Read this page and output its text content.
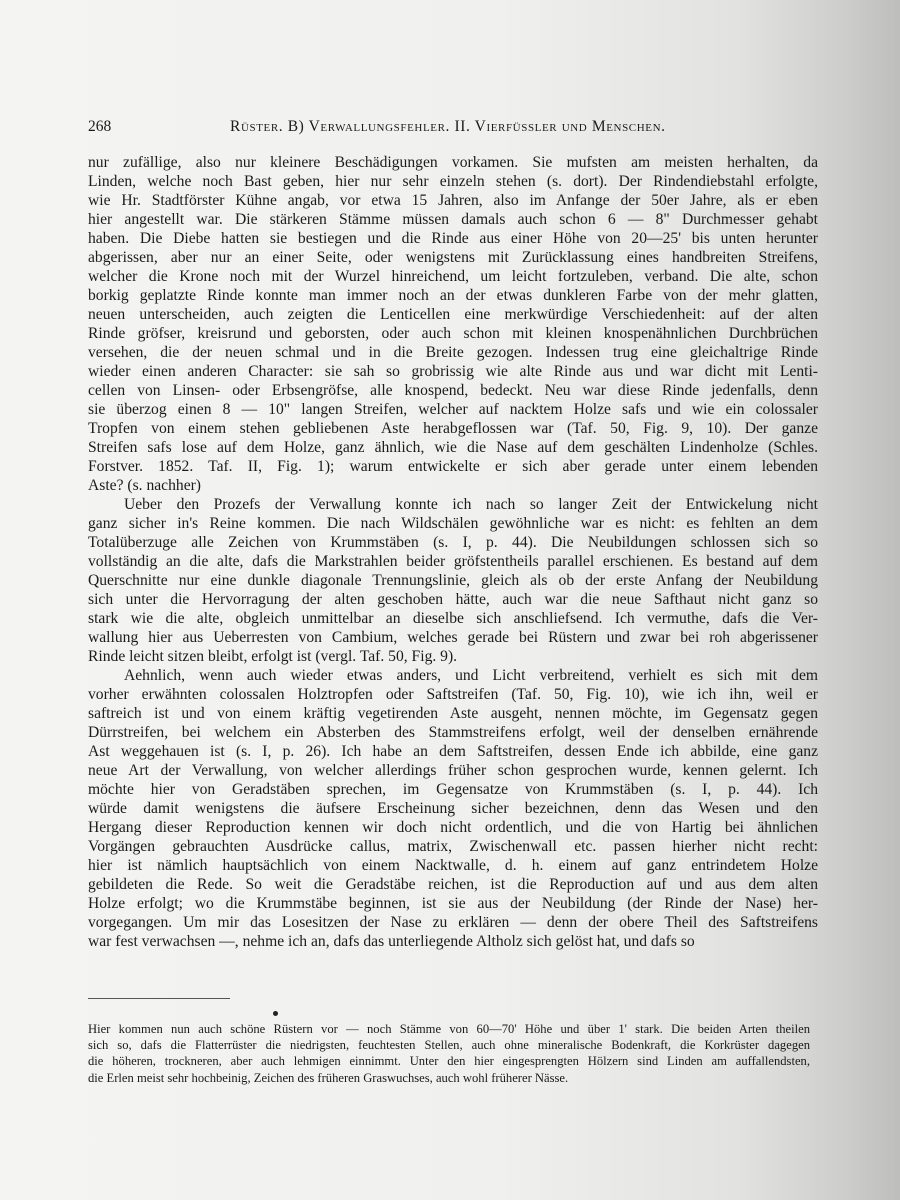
268	Rüster. B) Verwallungsfehler. II. Vierfüssler und Menschen.
nur zufällige, also nur kleinere Beschädigungen vorkamen. Sie mufsten am meisten herhalten, da
Linden, welche noch Bast geben, hier nur sehr einzeln stehen (s. dort). Der Rindendiebstahl erfolgte,
wie Hr. Stadtförster Kühne angab, vor etwa 15 Jahren, also im Anfange der 50er Jahre, als er eben
hier angestellt war. Die stärkeren Stämme müssen damals auch schon 6 — 8" Durchmesser gehabt
haben. Die Diebe hatten sie bestiegen und die Rinde aus einer Höhe von 20—25' bis unten herunter
abgerissen, aber nur an einer Seite, oder wenigstens mit Zurücklassung eines handbreiten Streifens,
welcher die Krone noch mit der Wurzel hinreichend, um leicht fortzuleben, verband. Die alte, schon
borkig geplatzte Rinde konnte man immer noch an der etwas dunkleren Farbe von der mehr glatten,
neuen unterscheiden, auch zeigten die Lenticellen eine merkwürdige Verschiedenheit: auf der alten
Rinde gröfser, kreisrund und geborsten, oder auch schon mit kleinen knospenähnlichen Durchbrüchen
versehen, die der neuen schmal und in die Breite gezogen. Indessen trug eine gleichaltrige Rinde
wieder einen anderen Character: sie sah so grobrissig wie alte Rinde aus und war dicht mit Lenti-
cellen von Linsen- oder Erbsengröfse, alle knospend, bedeckt. Neu war diese Rinde jedenfalls, denn
sie überzog einen 8 — 10" langen Streifen, welcher auf nacktem Holze safs und wie ein colossaler
Tropfen von einem stehen gebliebenen Aste herabgeflossen war (Taf. 50, Fig. 9, 10). Der ganze
Streifen safs lose auf dem Holze, ganz ähnlich, wie die Nase auf dem geschälten Lindenholze (Schles.
Forstver. 1852. Taf. II, Fig. 1); warum entwickelte er sich aber gerade unter einem lebenden
Aste? (s. nachher)
Ueber den Prozefs der Verwallung konnte ich nach so langer Zeit der Entwickelung nicht
ganz sicher in's Reine kommen. Die nach Wildschälen gewöhnliche war es nicht: es fehlten an dem
Totalüberzuge alle Zeichen von Krummstäben (s. I, p. 44). Die Neubildungen schlossen sich so
vollständig an die alte, dafs die Markstrahlen beider gröfstentheils parallel erschienen. Es bestand auf dem
Querschnitte nur eine dunkle diagonale Trennungslinie, gleich als ob der erste Anfang der Neubildung
sich unter die Hervorragung der alten geschoben hätte, auch war die neue Safthaut nicht ganz so
stark wie die alte, obgleich unmittelbar an dieselbe sich anschliefsend. Ich vermuthe, dafs die Ver-
wallung hier aus Ueberresten von Cambium, welches gerade bei Rüstern und zwar bei roh abgerissener
Rinde leicht sitzen bleibt, erfolgt ist (vergl. Taf. 50, Fig. 9).
Aehnlich, wenn auch wieder etwas anders, und Licht verbreitend, verhielt es sich mit dem
vorher erwähnten colossalen Holztropfen oder Saftstreifen (Taf. 50, Fig. 10), wie ich ihn, weil er
saftreich ist und von einem kräftig vegetirenden Aste ausgeht, nennen möchte, im Gegensatz gegen
Dürrstreifen, bei welchem ein Absterben des Stammstreifens erfolgt, weil der denselben ernährende
Ast weggehauen ist (s. I, p. 26). Ich habe an dem Saftstreifen, dessen Ende ich abbilde, eine ganz
neue Art der Verwallung, von welcher allerdings früher schon gesprochen wurde, kennen gelernt. Ich
möchte hier von Geradstäben sprechen, im Gegensatze von Krummstäben (s. I, p. 44). Ich
würde damit wenigstens die äufsere Erscheinung sicher bezeichnen, denn das Wesen und den
Hergang dieser Reproduction kennen wir doch nicht ordentlich, und die von Hartig bei ähnlichen
Vorgängen gebrauchten Ausdrücke callus, matrix, Zwischenwall etc. passen hierher nicht recht:
hier ist nämlich hauptsächlich von einem Nacktwalle, d. h. einem auf ganz entrindetem Holze
gebildeten die Rede. So weit die Geradstäbe reichen, ist die Reproduction auf und aus dem alten
Holze erfolgt; wo die Krummstäbe beginnen, ist sie aus der Neubildung (der Rinde der Nase) her-
vorgegangen. Um mir das Losesitzen der Nase zu erklären — denn der obere Theil des Saftstreifens
war fest verwachsen —, nehme ich an, dafs das unterliegende Altholz sich gelöst hat, und dafs so
Hier kommen nun auch schöne Rüstern vor — noch Stämme von 60—70' Höhe und über 1' stark. Die beiden Arten theilen
sich so, dafs die Flatterrüster die niedrigsten, feuchtesten Stellen, auch ohne mineralische Bodenkraft, die Korkrüster dagegen
die höheren, trockneren, aber auch lehmigen einnimmt. Unter den hier eingesprengten Hölzern sind Linden am auffallendsten,
die Erlen meist sehr hochbeinig, Zeichen des früheren Graswuchses, auch wohl früherer Nässe.
